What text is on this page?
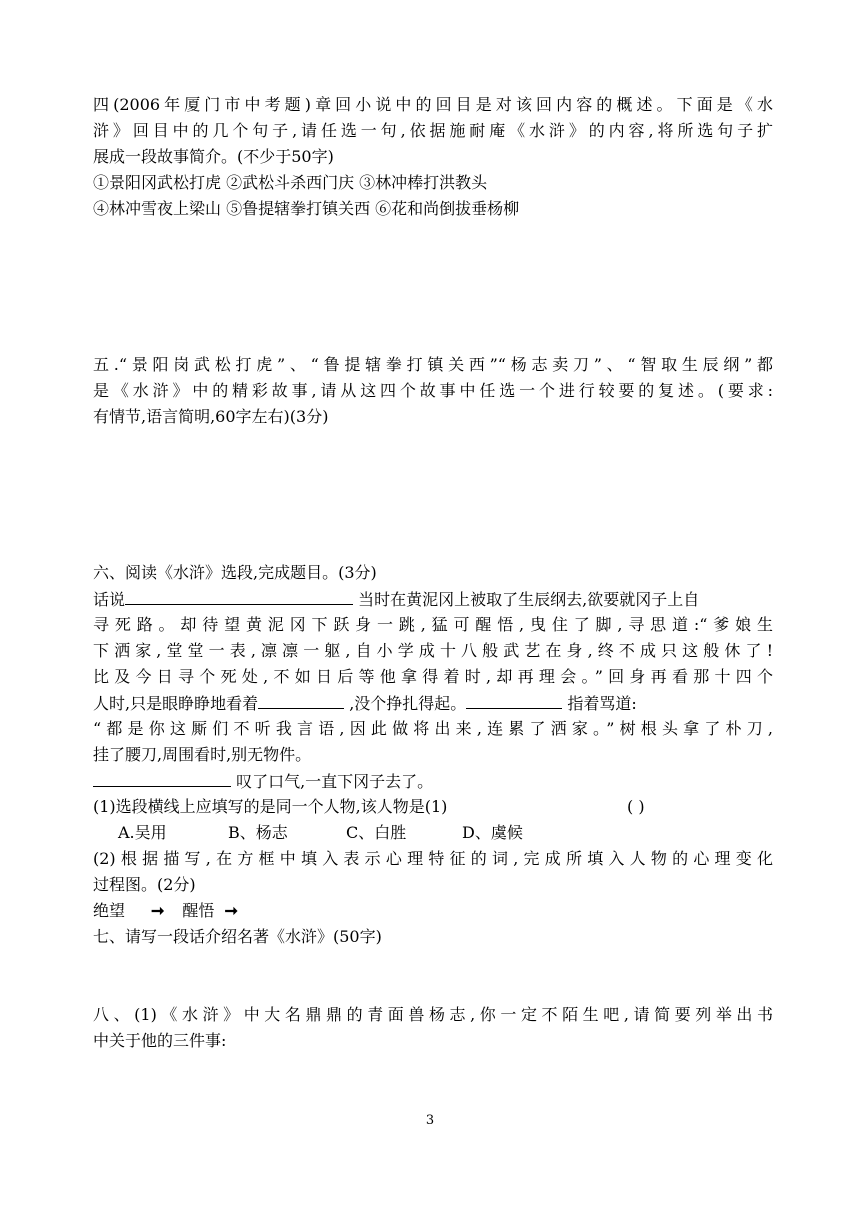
四(2006年厦门市中考题)章回小说中的回目是对该回内容的概述。下面是《水
浒》回目中的几个句子,请任选一句,依据施耐庵《水浒》的内容,将所选句子扩
展成一段故事简介。(不少于50字)
①景阳冈武松打虎 ②武松斗杀西门庆 ③林冲棒打洪教头
④林冲雪夜上梁山 ⑤鲁提辖拳打镇关西 ⑥花和尚倒拔垂杨柳
五.“景阳岗武松打虎”、“鲁提辖拳打镇关西”“杨志卖刀”、“智取生辰纲”都
是《水浒》中的精彩故事,请从这四个故事中任选一个进行较要的复述。(要求:
有情节,语言简明,60字左右)(3分)
六、阅读《水浒》选段,完成题目。(3分)
话说	当时在黄泥冈上被取了生辰纲去,欲要就冈子上自
寻死路。却待望黄泥冈下跃身一跳,猛可醒悟,曳住了脚,寻思道:“爹娘生
下洒家,堂堂一表,凛凛一躯,自小学成十八般武艺在身,终不成只这般休了!
比及今日寻个死处,不如日后等他拿得着时,却再理会。”回身再看那十四个
人时,只是眼睁睁地看着	,没个挣扎得起。	指着骂道:
“都是你这厮们不听我言语,因此做将出来,连累了洒家。”树根头拿了朴刀,
挂了腰刀,周围看时,别无物件。
叹了口气,一直下冈子去了。
(1)选段横线上应填写的是同一个人物,该人物是(1)	( )
A.吴用	B、杨志	C、白胜	D、虞候
(2)根据描写,在方框中填入表示心理特征的词,完成所填入人物的心理变化
过程图。(2分)
绝望 ➞ 醒悟 ➞
七、请写一段话介绍名著《水浒》(50字)
八、(1)《水浒》中大名鼎鼎的青面兽杨志,你一定不陌生吧,请简要列举出书
中关于他的三件事:
3
